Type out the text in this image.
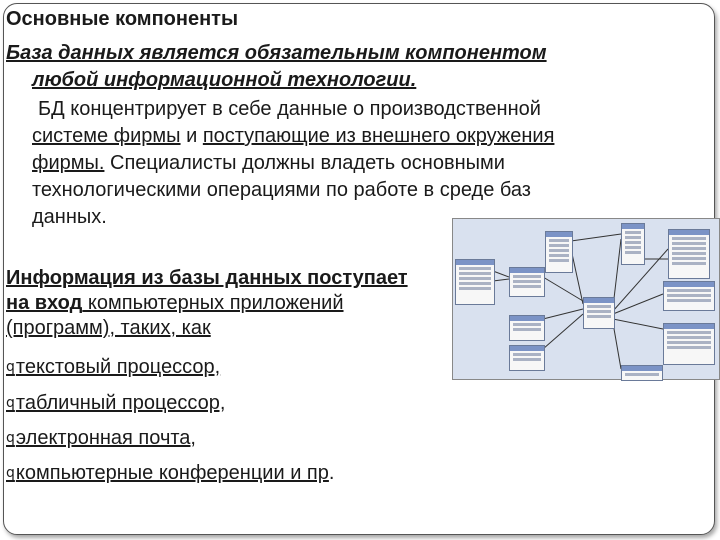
Основные компоненты
База данных является обязательным компонентом
любой информационной технологии.
БД концентрирует в себе данные о производственной
системе фирмы и поступающие из внешнего окружения
фирмы. Специалисты должны владеть основными
технологическими операциями по работе в среде баз
данных.
Информация из базы данных поступает
на вход компьютерных приложений
(программ), таких, как
qтекстовый процессор,
qтабличный процессор,
qэлектронная почта,
qкомпьютерные конференции и пр.
